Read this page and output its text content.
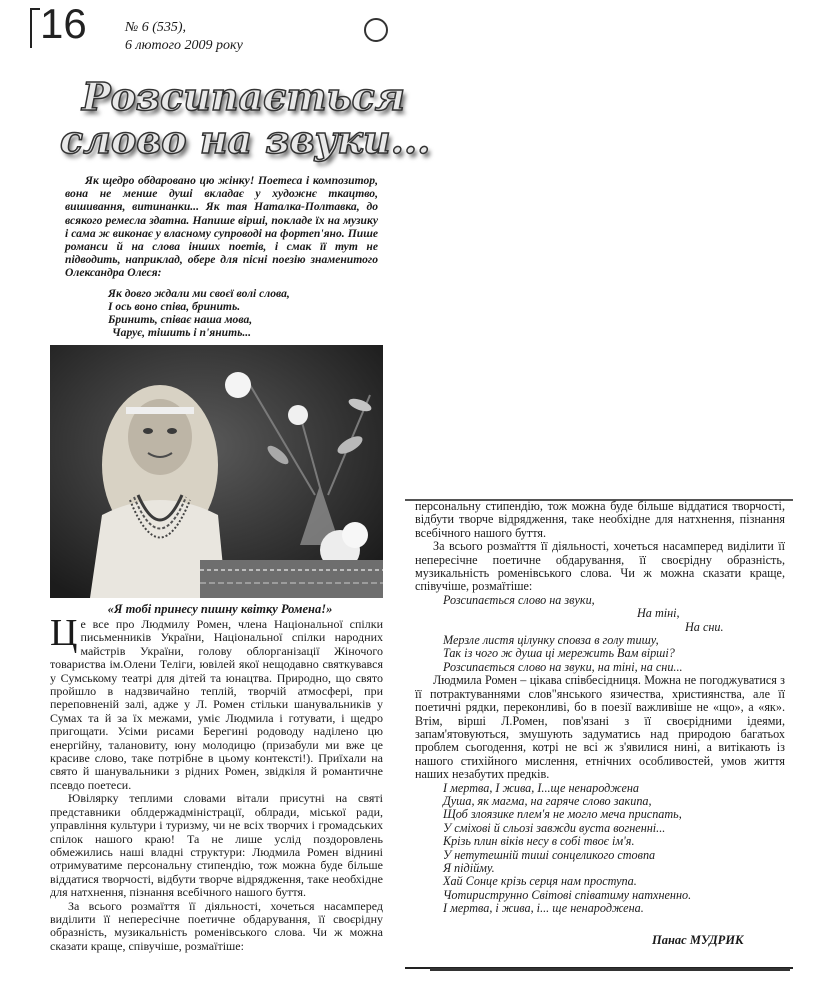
16	№ 6 (535),
6 лютого 2009 року
Розсипається
слово на звуки...
Як щедро обдаровано цю жінку! Поетеса і композитор, вона не менше душі вкладає у художнє ткацтво, вишивання, витинанки... Як тая Наталка-Полтавка, до всякого ремесла здатна. Напише вірші, покладе їх на музику і сама ж виконає у власному супроводі на фортеп'яно. Пише романси й на слова інших поетів, і смак її тут не підводить, наприклад, обере для пісні поезію знаменитого Олександра Олеся:
Як довго ждали ми своєї волі слова,
І ось воно співа, бринить.
Бринить, співає наша мова,
Чарує, тішить і п'янить...
«Я тобі принесу пишну квітку Ромена!»

Це все про Людмилу Ромен, члена Національної спілки письменників України, Національної спілки народних майстрів України, голову облорганізації Жіночого товариства ім.Олени Теліги, ювілей якої нещодавно святкувався у Сумському театрі для дітей та юнацтва. Природно, що свято пройшло в надзвичайно теплій, творчій атмосфері, при переповненій залі, адже у Л. Ромен стільки шанувальників у Сумах та й за їх межами, уміє Людмила і готувати, і щедро пригощати. Усіми рисами Берегині родоводу наділено цю енергійну, талановиту, юну молодицю (призабули ми вже це красиве слово, таке потрібне в цьому контексті!). Приїхали на свято й шанувальники з рідних Ромен, звідкіля й романтичне псевдо поетеси.

Ювілярку теплими словами вітали присутні на святі представники облдержадміністрації, облради, міської ради, управління культури і туризму, чи не всіх творчих і громадських спілок нашого краю! Та не лише услід поздоровлень обмежились наші владні структури: Людмила Ромен віднині отримуватиме персональну стипендію, тож можна буде більше віддатися творчості, відбути творче відрядження, таке необхідне для натхнення, пізнання всебічного нашого буття.

За всього розмаїття її діяльності, хочеться насамперед виділити її непересічне поетичне обдарування, її своєрідну образність, музикальність роменівського слова. Чи ж можна сказати краще, співучіше, розмаїтіше:

персональну стипендію, тож можна буде більше віддатися творчості, відбути творче відрядження, таке необхідне для натхнення, пізнання всебічного нашого буття.

За всього розмаїття її діяльності, хочеться насамперед виділити її непересічне поетичне обдарування, її своєрідну образність, музикальність роменівського слова. Чи ж можна сказати краще, співучіше, розмаїтіше:

Розсипається слово на звуки,

На тіні,

На сни.

Мерзле листя цілунку сповза в голу тишу,

Так із чого ж душа ці мережить Вам вірші?

Розсипається слово на звуки, на тіні, на сни...

Людмила Ромен – цікава співбесідниця. Можна не погоджуватися з її потрактуваннями слов"янського язичества, християнства, але її поетичні рядки, переконливі, бо в поезії важливіше не «що», а «як». Втім, вірші Л.Ромен, пов'язані з її своєрідними ідеями, запам'ятовуються, змушують задуматись над природою багатьох проблем сьогодення, котрі не всі ж з'явилися нині, а витікають із нашого стихійного мислення, етнічних особливостей, умов життя наших незабутих предків.

І мертва, І жива, І...ще ненароджена

Душа, як магма, на гаряче слово закипа,

Щоб злоязике плем'я не могло меча приспать,

У сміхові й сльозі завжди вуста вогненні...

Крізь плин віків несу в собі твоє ім'я.

У нетутешній тиші сонцеликого стовпа

Я підійму.

Хай Сонце крізь серця нам проступа.

Чотириструнно Світові співатиму натхненно.

І мертва, і жива, і... ще ненароджена.

Панас МУДРИК
